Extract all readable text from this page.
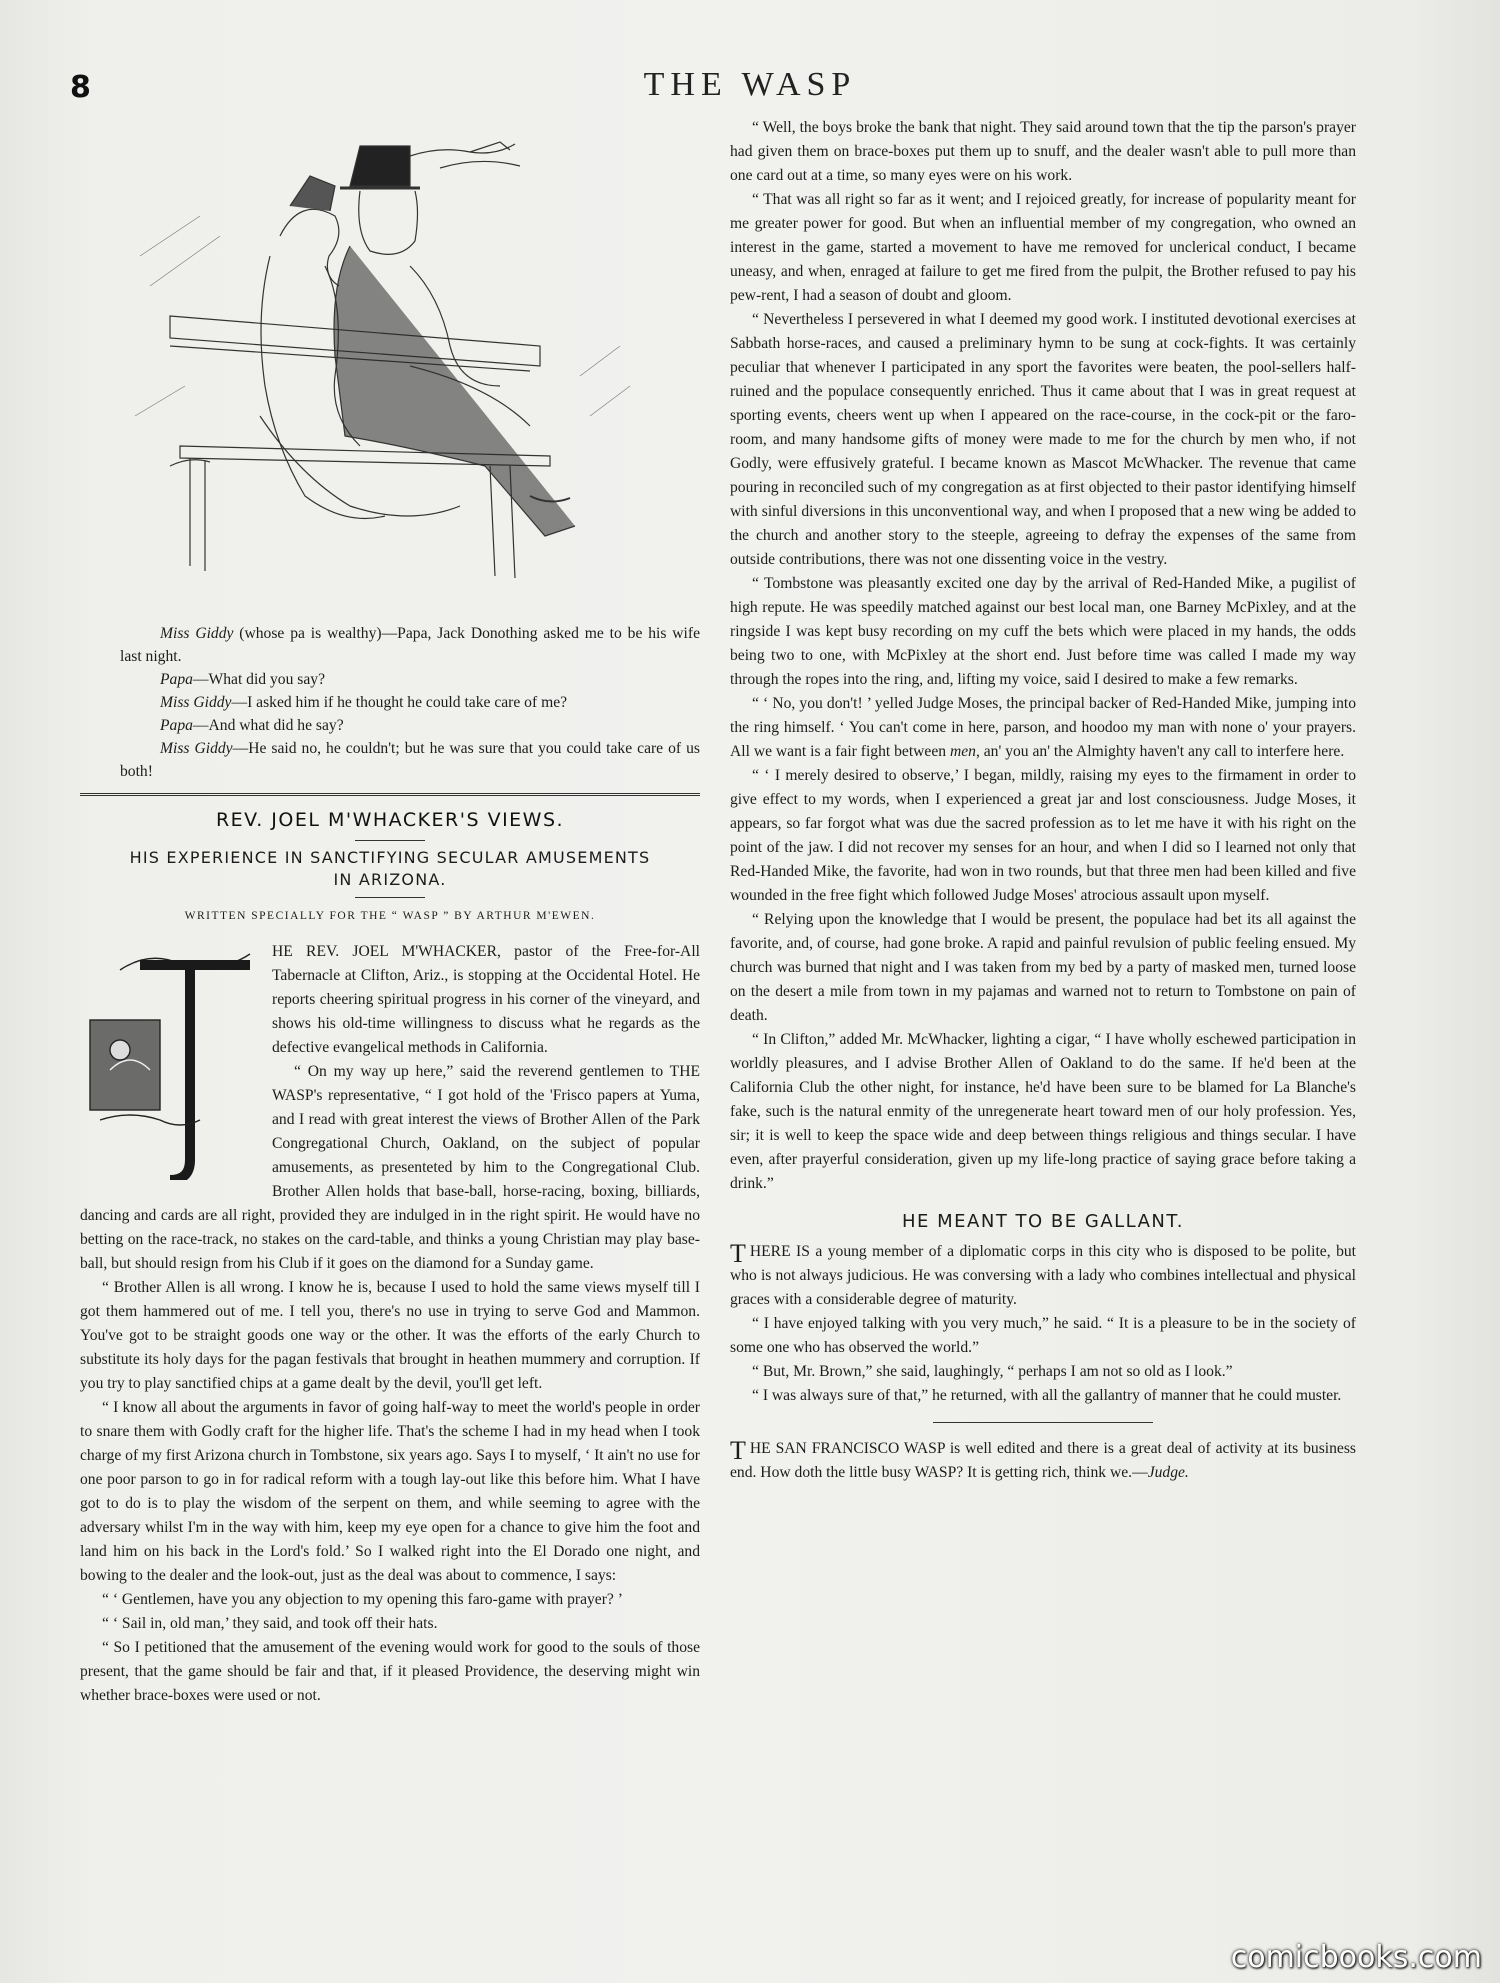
8	THE WASP

Miss Giddy (whose pa is wealthy)—Papa, Jack Donothing asked me to be his wife last night.

Papa—What did you say?

Miss Giddy—I asked him if he thought he could take care of me?

Papa—And what did he say?

Miss Giddy—He said no, he couldn't; but he was sure that you could take care of us both!

REV. JOEL M'WHACKER'S VIEWS.
HIS EXPERIENCE IN SANCTIFYING SECULAR AMUSEMENTS IN ARIZONA.
WRITTEN SPECIALLY FOR THE “ WASP ” BY ARTHUR M'EWEN.

HE REV. JOEL M'WHACKER, pastor of the Free-for-All Tabernacle at Clifton, Ariz., is stopping at the Occidental Hotel. He reports cheering spiritual progress in his corner of the vineyard, and shows his old-time willingness to discuss what he regards as the defective evangelical methods in California.

“ On my way up here,” said the reverend gentlemen to THE WASP's representative, “ I got hold of the 'Frisco papers at Yuma, and I read with great interest the views of Brother Allen of the Park Congregational Church, Oakland, on the subject of popular amusements, as presenteted by him to the Congregational Club. Brother Allen holds that base-ball, horse-racing, boxing, billiards, dancing and cards are all right, provided they are indulged in in the right spirit. He would have no betting on the race-track, no stakes on the card-table, and thinks a young Christian may play base-ball, but should resign from his Club if it goes on the diamond for a Sunday game.

“ Brother Allen is all wrong. I know he is, because I used to hold the same views myself till I got them hammered out of me. I tell you, there's no use in trying to serve God and Mammon. You've got to be straight goods one way or the other. It was the efforts of the early Church to substitute its holy days for the pagan festivals that brought in heathen mummery and corruption. If you try to play sanctified chips at a game dealt by the devil, you'll get left.

“ I know all about the arguments in favor of going half-way to meet the world's people in order to snare them with Godly craft for the higher life. That's the scheme I had in my head when I took charge of my first Arizona church in Tombstone, six years ago. Says I to myself, ‘ It ain't no use for one poor parson to go in for radical reform with a tough lay-out like this before him. What I have got to do is to play the wisdom of the serpent on them, and while seeming to agree with the adversary whilst I'm in the way with him, keep my eye open for a chance to give him the foot and land him on his back in the Lord's fold.’ So I walked right into the El Dorado one night, and bowing to the dealer and the look-out, just as the deal was about to commence, I says:

“ ‘ Gentlemen, have you any objection to my opening this faro-game with prayer? ’

“ ‘ Sail in, old man,’ they said, and took off their hats.

“ So I petitioned that the amusement of the evening would work for good to the souls of those present, that the game should be fair and that, if it pleased Providence, the deserving might win whether brace-boxes were used or not.

“ Well, the boys broke the bank that night. They said around town that the tip the parson's prayer had given them on brace-boxes put them up to snuff, and the dealer wasn't able to pull more than one card out at a time, so many eyes were on his work.

“ That was all right so far as it went; and I rejoiced greatly, for increase of popularity meant for me greater power for good. But when an influential member of my congregation, who owned an interest in the game, started a movement to have me removed for unclerical conduct, I became uneasy, and when, enraged at failure to get me fired from the pulpit, the Brother refused to pay his pew-rent, I had a season of doubt and gloom.

“ Nevertheless I persevered in what I deemed my good work. I instituted devotional exercises at Sabbath horse-races, and caused a preliminary hymn to be sung at cock-fights. It was certainly peculiar that whenever I participated in any sport the favorites were beaten, the pool-sellers half-ruined and the populace consequently enriched. Thus it came about that I was in great request at sporting events, cheers went up when I appeared on the race-course, in the cock-pit or the faro-room, and many handsome gifts of money were made to me for the church by men who, if not Godly, were effusively grateful. I became known as Mascot McWhacker. The revenue that came pouring in reconciled such of my congregation as at first objected to their pastor identifying himself with sinful diversions in this unconventional way, and when I proposed that a new wing be added to the church and another story to the steeple, agreeing to defray the expenses of the same from outside contributions, there was not one dissenting voice in the vestry.

“ Tombstone was pleasantly excited one day by the arrival of Red-Handed Mike, a pugilist of high repute. He was speedily matched against our best local man, one Barney McPixley, and at the ringside I was kept busy recording on my cuff the bets which were placed in my hands, the odds being two to one, with McPixley at the short end. Just before time was called I made my way through the ropes into the ring, and, lifting my voice, said I desired to make a few remarks.

“ ‘ No, you don't! ’ yelled Judge Moses, the principal backer of Red-Handed Mike, jumping into the ring himself. ‘ You can't come in here, parson, and hoodoo my man with none o' your prayers. All we want is a fair fight between men, an' you an' the Almighty haven't any call to interfere here.

“ ‘ I merely desired to observe,’ I began, mildly, raising my eyes to the firmament in order to give effect to my words, when I experienced a great jar and lost consciousness. Judge Moses, it appears, so far forgot what was due the sacred profession as to let me have it with his right on the point of the jaw. I did not recover my senses for an hour, and when I did so I learned not only that Red-Handed Mike, the favorite, had won in two rounds, but that three men had been killed and five wounded in the free fight which followed Judge Moses' atrocious assault upon myself.

“ Relying upon the knowledge that I would be present, the populace had bet its all against the favorite, and, of course, had gone broke. A rapid and painful revulsion of public feeling ensued. My church was burned that night and I was taken from my bed by a party of masked men, turned loose on the desert a mile from town in my pajamas and warned not to return to Tombstone on pain of death.

“ In Clifton,” added Mr. McWhacker, lighting a cigar, “ I have wholly eschewed participation in worldly pleasures, and I advise Brother Allen of Oakland to do the same. If he'd been at the California Club the other night, for instance, he'd have been sure to be blamed for La Blanche's fake, such is the natural enmity of the unregenerate heart toward men of our holy profession. Yes, sir; it is well to keep the space wide and deep between things religious and things secular. I have even, after prayerful consideration, given up my life-long practice of saying grace before taking a drink.”

HE MEANT TO BE GALLANT.

THERE IS a young member of a diplomatic corps in this city who is disposed to be polite, but who is not always judicious. He was conversing with a lady who combines intellectual and physical graces with a considerable degree of maturity.

“ I have enjoyed talking with you very much,” he said. “ It is a pleasure to be in the society of some one who has observed the world.”

“ But, Mr. Brown,” she said, laughingly, “ perhaps I am not so old as I look.”

“ I was always sure of that,” he returned, with all the gallantry of manner that he could muster.

THE SAN FRANCISCO WASP is well edited and there is a great deal of activity at its business end. How doth the little busy WASP? It is getting rich, think we.—Judge.

comicbooks.com
